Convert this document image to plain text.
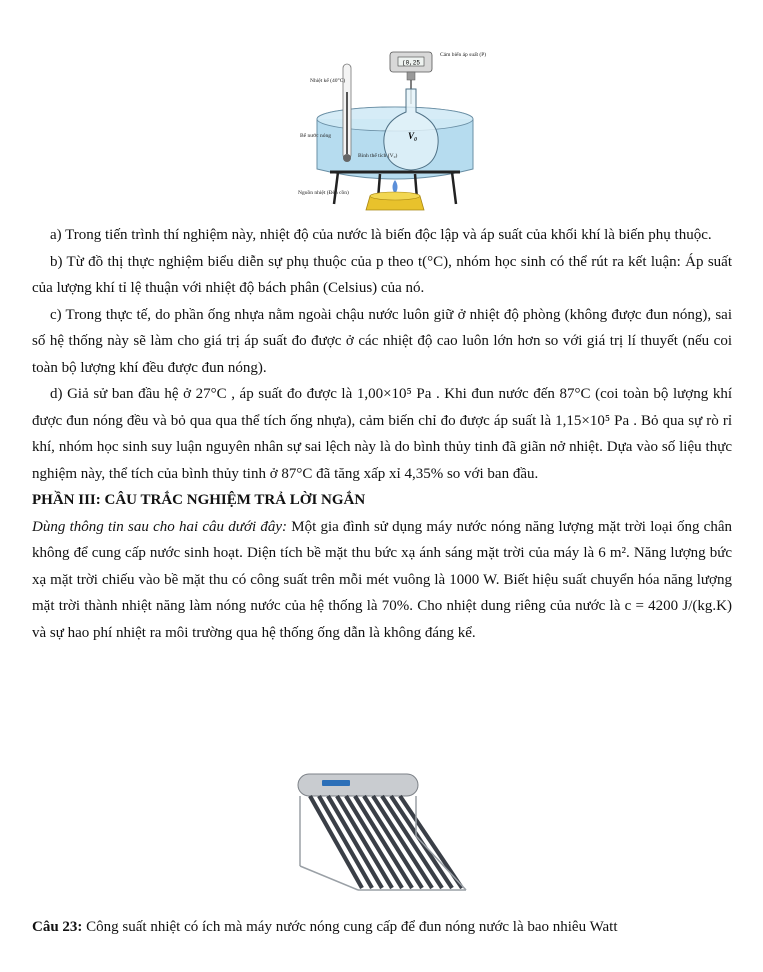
(0,25
Cảm biến áp suất (P)
V₀
Nhiệt kế (40°C)
Bể nước nóng
Bình thể tích (V₀)
Nguồn nhiệt (Đèn cồn)

a) Trong tiến trình thí nghiệm này, nhiệt độ của nước là biến độc lập và áp suất của khối khí là biến phụ thuộc.

b) Từ đồ thị thực nghiệm biểu diễn sự phụ thuộc của p theo t(°C), nhóm học sinh có thể rút ra kết luận: Áp suất của lượng khí tỉ lệ thuận với nhiệt độ bách phân (Celsius) của nó.

c) Trong thực tế, do phần ống nhựa nằm ngoài chậu nước luôn giữ ở nhiệt độ phòng (không được đun nóng), sai số hệ thống này sẽ làm cho giá trị áp suất đo được ở các nhiệt độ cao luôn lớn hơn so với giá trị lí thuyết (nếu coi toàn bộ lượng khí đều được đun nóng).

d) Giả sử ban đầu hệ ở 27°C , áp suất đo được là 1,00×10⁵ Pa . Khi đun nước đến 87°C (coi toàn bộ lượng khí được đun nóng đều và bỏ qua qua thể tích ống nhựa), cảm biến chỉ đo được áp suất là 1,15×10⁵ Pa . Bỏ qua sự rò rỉ khí, nhóm học sinh suy luận nguyên nhân sự sai lệch này là do bình thủy tinh đã giãn nở nhiệt. Dựa vào số liệu thực nghiệm này, thể tích của bình thủy tinh ở 87°C đã tăng xấp xỉ 4,35% so với ban đầu.

PHẦN III: CÂU TRẮC NGHIỆM TRẢ LỜI NGẮN

Dùng thông tin sau cho hai câu dưới đây: Một gia đình sử dụng máy nước nóng năng lượng mặt trời loại ống chân không để cung cấp nước sinh hoạt. Diện tích bề mặt thu bức xạ ánh sáng mặt trời của máy là 6 m². Năng lượng bức xạ mặt trời chiếu vào bề mặt thu có công suất trên mỗi mét vuông là 1000 W. Biết hiệu suất chuyển hóa năng lượng mặt trời thành nhiệt năng làm nóng nước của hệ thống là 70%. Cho nhiệt dung riêng của nước là c = 4200 J/(kg.K) và sự hao phí nhiệt ra môi trường qua hệ thống ống dẫn là không đáng kể.

Câu 23: Công suất nhiệt có ích mà máy nước nóng cung cấp để đun nóng nước là bao nhiêu Watt
